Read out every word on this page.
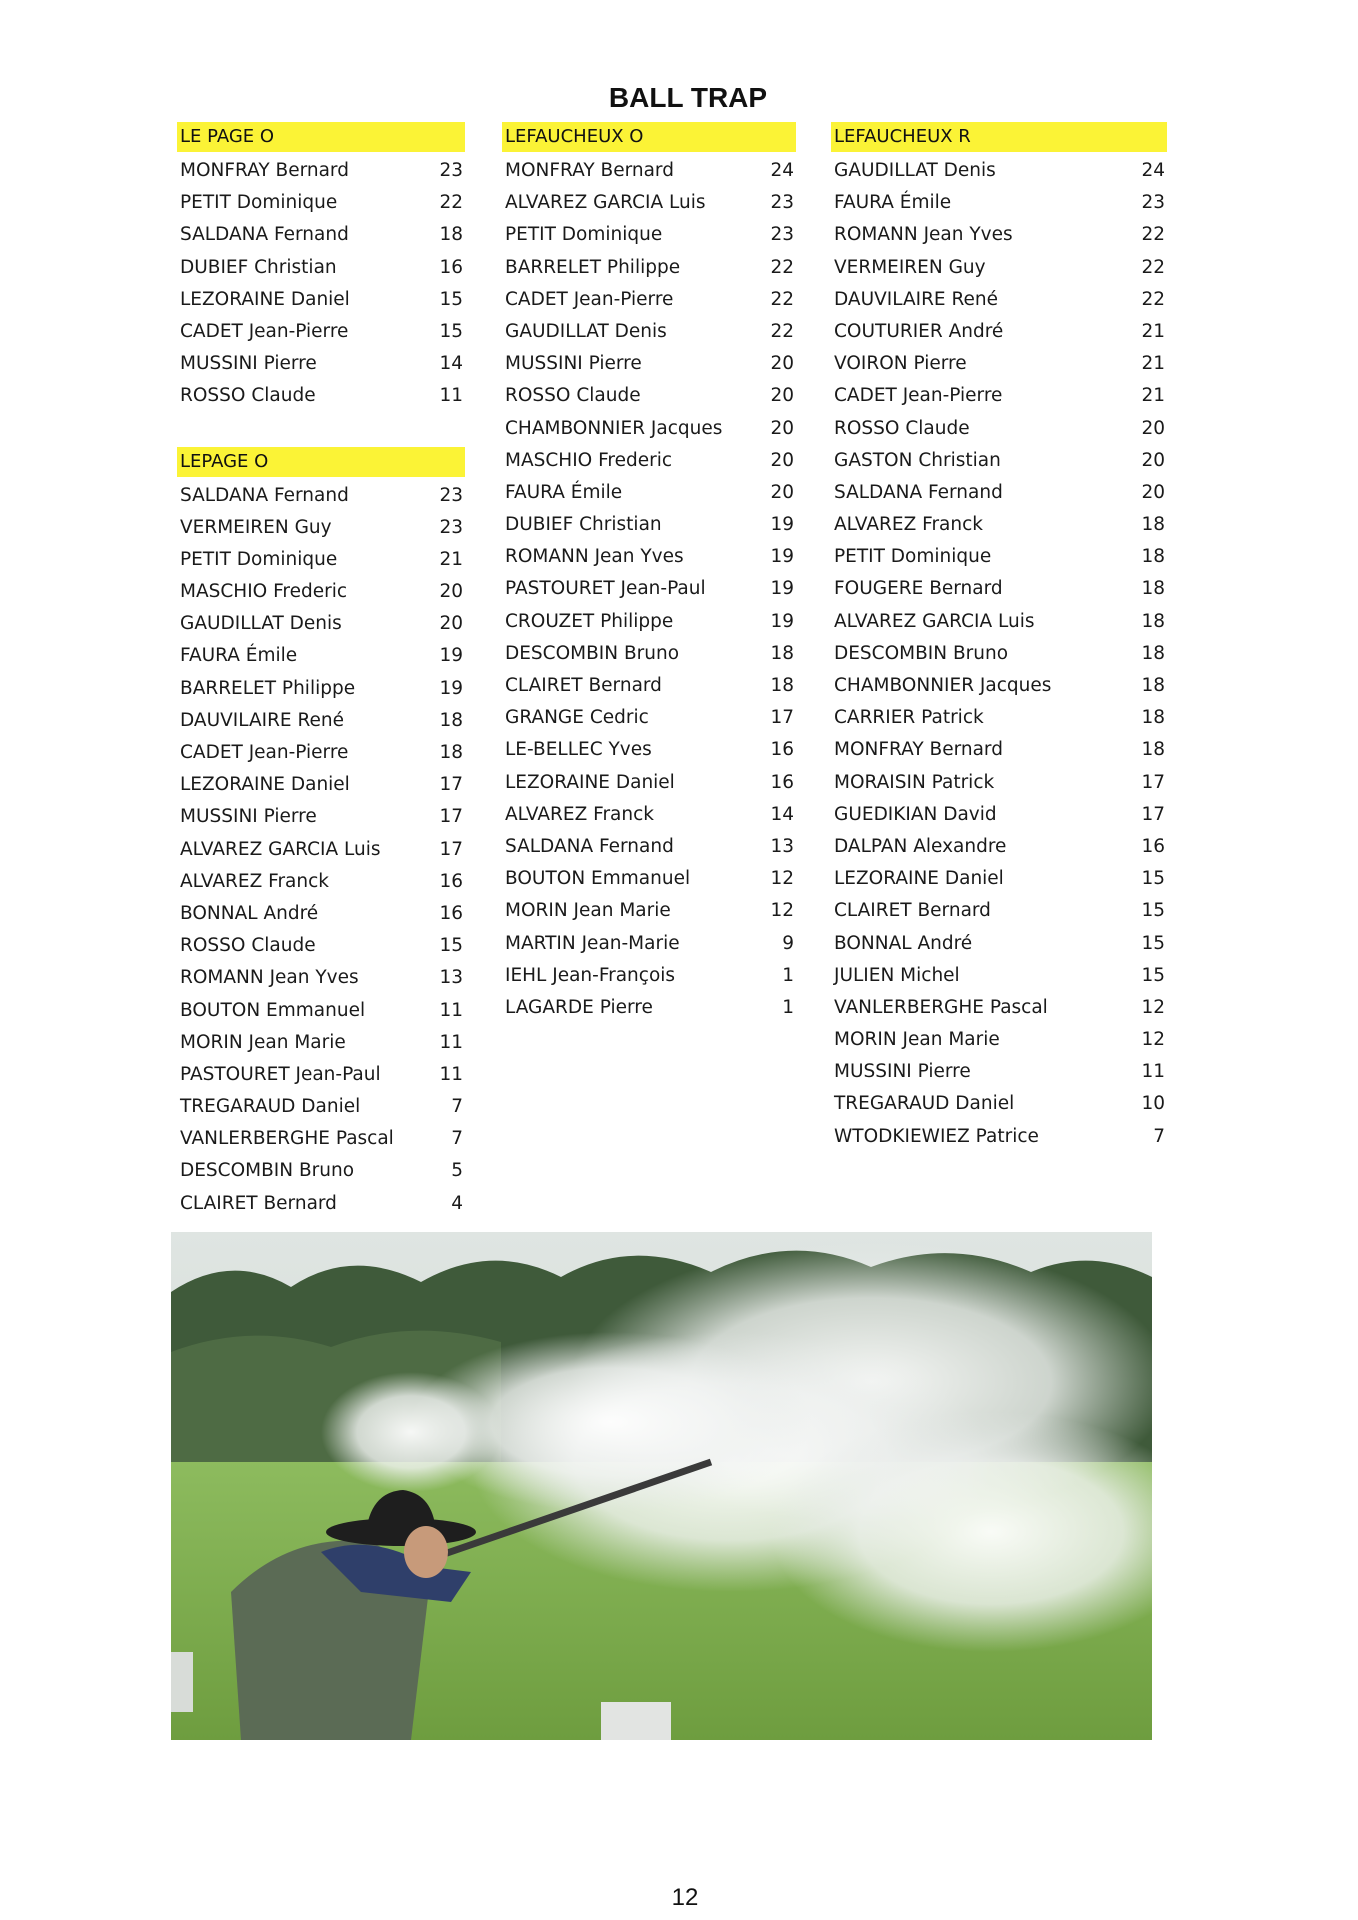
BALL TRAP
LE PAGE O
MONFRAY Bernard	23
PETIT Dominique	22
SALDANA Fernand	18
DUBIEF Christian	16
LEZORAINE Daniel	15
CADET Jean-Pierre	15
MUSSINI Pierre	14
ROSSO Claude	11
LEPAGE O
SALDANA Fernand	23
VERMEIREN Guy	23
PETIT Dominique	21
MASCHIO Frederic	20
GAUDILLAT Denis	20
FAURA Émile	19
BARRELET Philippe	19
DAUVILAIRE René	18
CADET Jean-Pierre	18
LEZORAINE Daniel	17
MUSSINI Pierre	17
ALVAREZ GARCIA Luis	17
ALVAREZ Franck	16
BONNAL André	16
ROSSO Claude	15
ROMANN Jean Yves	13
BOUTON Emmanuel	11
MORIN Jean Marie	11
PASTOURET Jean-Paul	11
TREGARAUD Daniel	7
VANLERBERGHE Pascal	7
DESCOMBIN Bruno	5
CLAIRET Bernard	4
LEFAUCHEUX O
MONFRAY Bernard	24
ALVAREZ GARCIA Luis	23
PETIT Dominique	23
BARRELET Philippe	22
CADET Jean-Pierre	22
GAUDILLAT Denis	22
MUSSINI Pierre	20
ROSSO Claude	20
CHAMBONNIER Jacques	20
MASCHIO Frederic	20
FAURA Émile	20
DUBIEF Christian	19
ROMANN Jean Yves	19
PASTOURET Jean-Paul	19
CROUZET Philippe	19
DESCOMBIN Bruno	18
CLAIRET Bernard	18
GRANGE Cedric	17
LE-BELLEC Yves	16
LEZORAINE Daniel	16
ALVAREZ Franck	14
SALDANA Fernand	13
BOUTON Emmanuel	12
MORIN Jean Marie	12
MARTIN Jean-Marie	9
IEHL Jean-François	1
LAGARDE Pierre	1
LEFAUCHEUX R
GAUDILLAT Denis	24
FAURA Émile	23
ROMANN Jean Yves	22
VERMEIREN Guy	22
DAUVILAIRE René	22
COUTURIER André	21
VOIRON Pierre	21
CADET Jean-Pierre	21
ROSSO Claude	20
GASTON Christian	20
SALDANA Fernand	20
ALVAREZ Franck	18
PETIT Dominique	18
FOUGERE Bernard	18
ALVAREZ GARCIA Luis	18
DESCOMBIN Bruno	18
CHAMBONNIER Jacques	18
CARRIER Patrick	18
MONFRAY Bernard	18
MORAISIN Patrick	17
GUEDIKIAN David	17
DALPAN Alexandre	16
LEZORAINE Daniel	15
CLAIRET Bernard	15
BONNAL André	15
JULIEN Michel	15
VANLERBERGHE Pascal	12
MORIN Jean Marie	12
MUSSINI Pierre	11
TREGARAUD Daniel	10
WTODKIEWIEZ Patrice	7
12
